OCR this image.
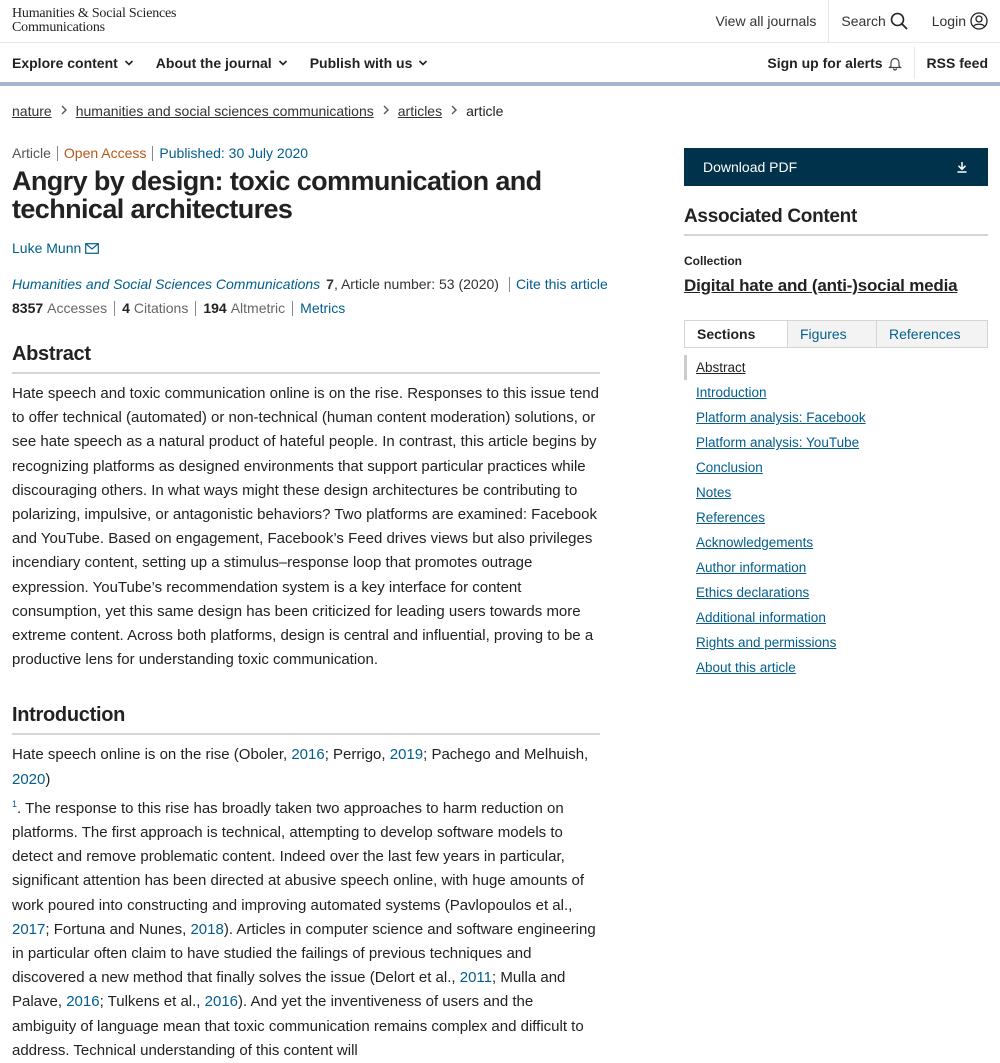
Humanities & Social Sciences
Communications	View all journals Search	Login
Explore content	About the journal	Publish with us	Sign up for alerts	RSS feed
nature humanities and social sciences communications articles article
Article Open Access Published: 30 July 2020
Angry by design: toxic communication and technical architectures
Luke Munn
Humanities and Social Sciences Communications 7 , Article number: 53 (2020)	Cite this article
8357 Accesses	4 Citations	194 Altmetric	Metrics
Abstract

Hate speech and toxic communication online is on the rise. Responses to this issue tend to offer technical (automated) or non-technical (human content moderation) solutions, or see hate speech as a natural product of hateful people. In contrast, this article begins by recognizing platforms as designed environments that support particular practices while discouraging others. In what ways might these design architectures be contributing to polarizing, impulsive, or antagonistic behaviors? Two platforms are examined: Facebook and YouTube. Based on engagement, Facebook’s Feed drives views but also privileges incendiary content, setting up a stimulus–response loop that promotes outrage expression. YouTube’s recommendation system is a key interface for content consumption, yet this same design has been criticized for leading users towards more extreme content. Across both platforms, design is central and influential, proving to be a productive lens for understanding toxic communication.

Introduction

Hate speech online is on the rise (Oboler, 2016; Perrigo, 2019; Pachego and Melhuish, 2020)
$^1$. The response to this rise has broadly taken two approaches to harm reduction on platforms. The first approach is technical, attempting to develop software models to detect and remove problematic content. Indeed over the last few years in particular, significant attention has been directed at abusive speech online, with huge amounts of work poured into constructing and improving automated systems (Pavlopoulos et al., 2017; Fortuna and Nunes, 2018). Articles in computer science and software engineering in particular often claim to have studied the failings of previous techniques and discovered a new method that finally solves the issue (Delort et al., 2011; Mulla and Palave, 2016; Tulkens et al., 2016). And yet the inventiveness of users and the ambiguity of language mean that toxic communication remains complex and difficult to address. Technical understanding of this content will

Download PDF
Associated Content
Collection
Digital hate and (anti-)social media
Sections	Figures	References
Abstract
Introduction
Platform analysis: Facebook
Platform analysis: YouTube
Conclusion
Notes
References
Acknowledgements
Author information
Ethics declarations
Additional information
Rights and permissions
About this article
